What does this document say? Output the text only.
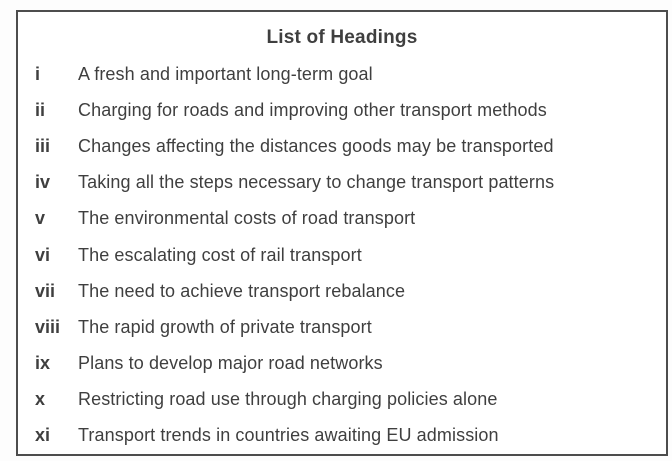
List of Headings
i	A fresh and important long-term goal
ii	Charging for roads and improving other transport methods
iii	Changes affecting the distances goods may be transported
iv	Taking all the steps necessary to change transport patterns
v	The environmental costs of road transport
vi	The escalating cost of rail transport
vii	The need to achieve transport rebalance
viii The rapid growth of private transport
ix	Plans to develop major road networks
x	Restricting road use through charging policies alone
xi	Transport trends in countries awaiting EU admission
